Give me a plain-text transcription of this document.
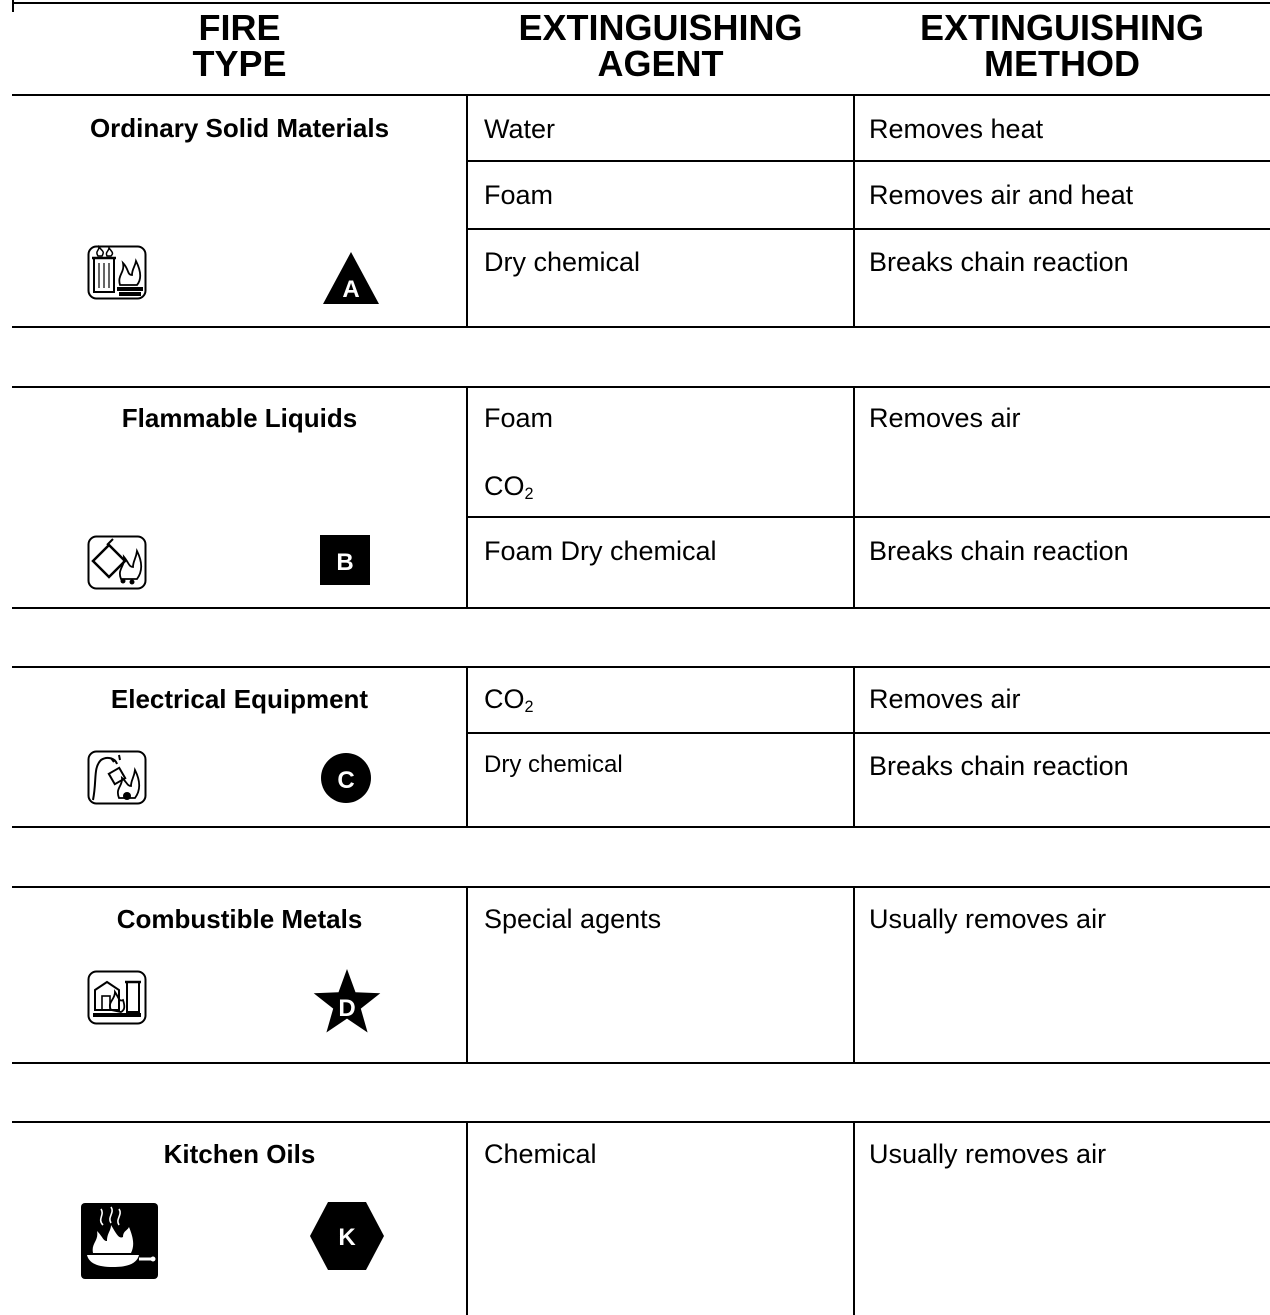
FIRE
TYPE
EXTINGUISHING
AGENT
EXTINGUISHING
METHOD
Ordinary Solid Materials
A
Water
Foam
Dry chemical
Removes heat
Removes air and heat
Breaks chain reaction
Flammable Liquids
B
Foam
$CO_2$
Foam Dry chemical
Removes air
Breaks chain reaction
Electrical Equipment
C
$CO_2$
Dry chemical
Removes air
Breaks chain reaction
Combustible Metals
D
Special agents	Usually removes air
Kitchen Oils
K
Chemical	Usually removes air
